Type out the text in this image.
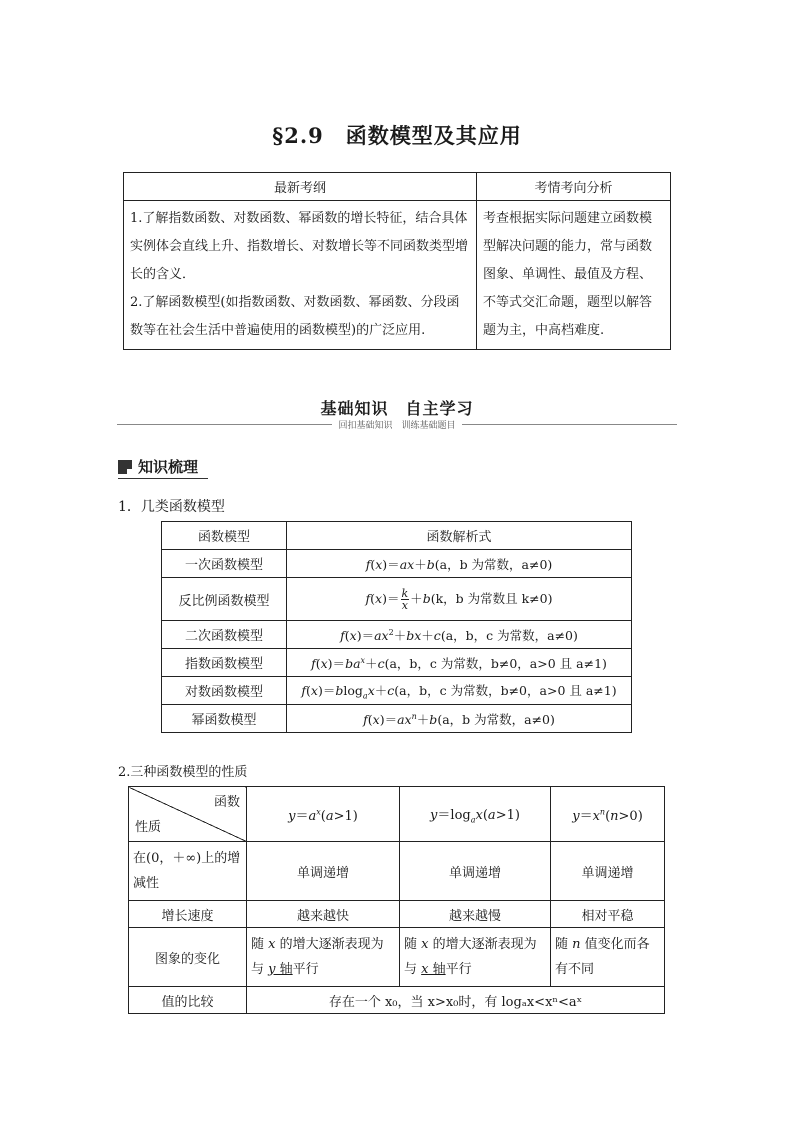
§2.9 函数模型及其应用
最新考纲	考情考向分析

1.了解指数函数、对数函数、幂函数的增长特征，结合具体实例体会直线上升、指数增长、对数增长等不同函数类型增长的含义．
2.了解函数模型(如指数函数、对数函数、幂函数、分段函数等在社会生活中普遍使用的函数模型)的广泛应用.	考查根据实际问题建立函数模型解决问题的能力，常与函数图象、单调性、最值及方程、不等式交汇命题，题型以解答题为主，中高档难度.
基础知识　自主学习
回扣基础知识　训练基础题目
知识梳理
1．几类函数模型
函数模型	函数解析式
一次函数模型	f(x)＝ax＋b(a，b 为常数，a≠0)
反比例函数模型	$f(x)= \frac{k}{x} +b(k$，b 为常数且 k≠0)
二次函数模型	$f(x)=ax^2+bx+c(a$，b，c 为常数，a≠0)
指数函数模型	$f(x)=ba^x+c(a$，b，c 为常数，b≠0，a>0 且 a≠1)
对数函数模型	f(x)＝blog$_a$x＋c(a，b，c 为常数，b≠0，a>0 且 a≠1)
幂函数模型	$f(x)=ax^n+b(a$，b 为常数，a≠0)
2.三种函数模型的性质
函数
性质	$y=a^x(a>1)$	$y=\log_ax(a>1)$	$y=x^n(n>0)$
在(0，＋∞)上的增减性	单调递增	单调递增	单调递增
增长速度	越来越快	越来越慢	相对平稳
图象的变化	随 x 的增大逐渐表现为与 y 轴平行	随 x 的增大逐渐表现为与 x 轴平行	随 n 值变化而各有不同
值的比较	存在一个 x₀，当 x>x₀时，有 logₐx<xⁿ<aˣ		
